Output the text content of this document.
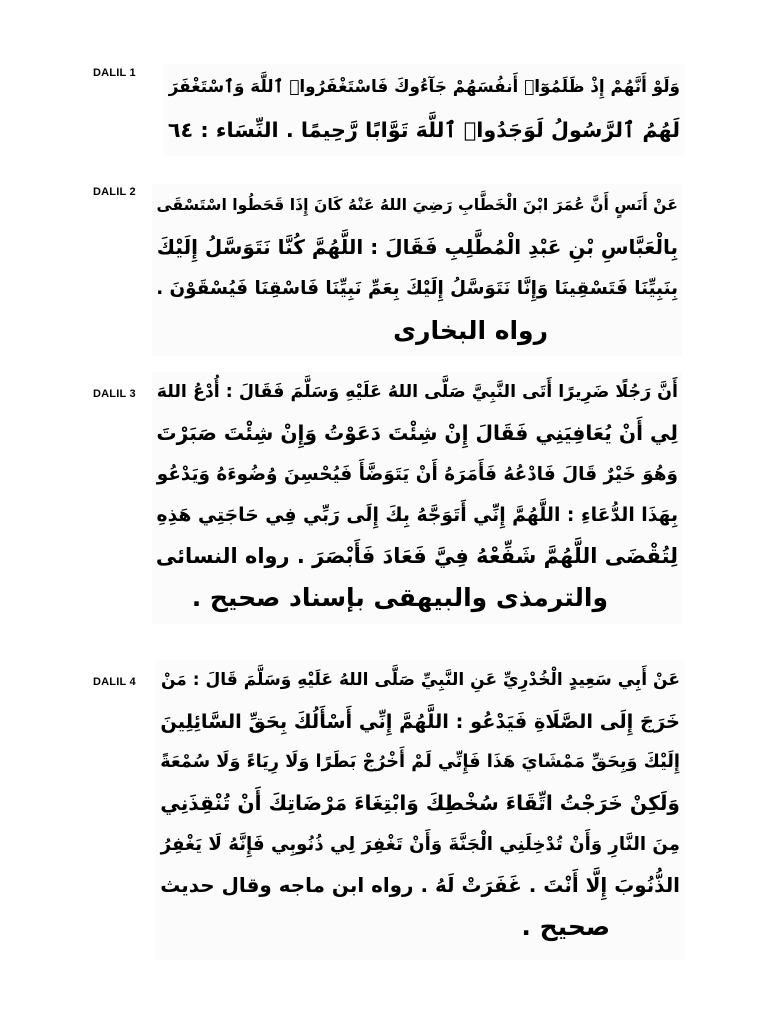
DALIL 1
وَلَوْ أَنَّهُمْ إِذْ ظَلَمُوٓا۟ أَنفُسَهُمْ جَآءُوكَ فَاسْتَغْفَرُوا۟ ٱللَّهَ وَٱسْتَغْفَرَ
لَهُمُ ٱلرَّسُولُ لَوَجَدُوا۟ ٱللَّهَ تَوَّابًا رَّحِيمًا . النِّسَاء : ٦٤
DALIL 2
عَنْ أَنَسٍ أَنَّ عُمَرَ ابْنَ الْخَطَّابِ رَضِيَ اللهُ عَنْهُ كَانَ إِذَا قَحَطُوا اسْتَسْقَى
بِالْعَبَّاسِ بْنِ عَبْدِ الْمُطَّلِبِ فَقَالَ : اللَّهُمَّ كُنَّا نَتَوَسَّلُ إِلَيْكَ
بِنَبِيِّنَا فَتَسْقِينَا وَإِنَّا نَتَوَسَّلُ إِلَيْكَ بِعَمِّ نَبِيِّنَا فَاسْقِنَا فَيُسْقَوْنَ .
رواه البخارى
DALIL 3 أَنَّ رَجُلًا ضَرِيرًا أَتَى النَّبِيَّ صَلَّى اللهُ عَلَيْهِ وَسَلَّمَ فَقَالَ : أُدْعُ اللهَ
لِي أَنْ يُعَافِيَنِي فَقَالَ إِنْ شِئْتَ دَعَوْتُ وَإِنْ شِئْتَ صَبَرْتَ
وَهُوَ خَيْرٌ قَالَ فَادْعُهُ فَأَمَرَهُ أَنْ يَتَوَضَّأَ فَيُحْسِنَ وُضُوءَهُ وَيَدْعُو
بِهَذَا الدُّعَاءِ : اللَّهُمَّ إِنِّي أَتَوَجَّهُ بِكَ إِلَى رَبِّي فِي حَاجَتِي هَذِهِ
لِتُقْضَى اللَّهُمَّ شَفِّعْهُ فِيَّ فَعَادَ فَأَبْصَرَ . رواه النسائى
والترمذى والبيهقى بإسناد صحيح .
DALIL 4 عَنْ أَبِي سَعِيدٍ الْخُدْرِيِّ عَنِ النَّبِيِّ صَلَّى اللهُ عَلَيْهِ وَسَلَّمَ قَالَ : مَنْ
خَرَجَ إِلَى الصَّلَاةِ فَيَدْعُو : اللَّهُمَّ إِنِّي أَسْأَلُكَ بِحَقِّ السَّائِلِينَ
إِلَيْكَ وَبِحَقِّ مَمْشَايَ هَذَا فَإِنِّي لَمْ أَخْرُجْ بَطَرًا وَلَا رِيَاءً وَلَا سُمْعَةً
وَلَكِنْ خَرَجْتُ اتِّقَاءَ سُخْطِكَ وَابْتِغَاءَ مَرْضَاتِكَ أَنْ تُنْقِذَنِي
مِنَ النَّارِ وَأَنْ تُدْخِلَنِي الْجَنَّةَ وَأَنْ تَغْفِرَ لِي ذُنُوبِي فَإِنَّهُ لَا يَغْفِرُ
الذُّنُوبَ إِلَّا أَنْتَ . غَفَرَتْ لَهُ . رواه ابن ماجه وقال حديث
صحيح .
